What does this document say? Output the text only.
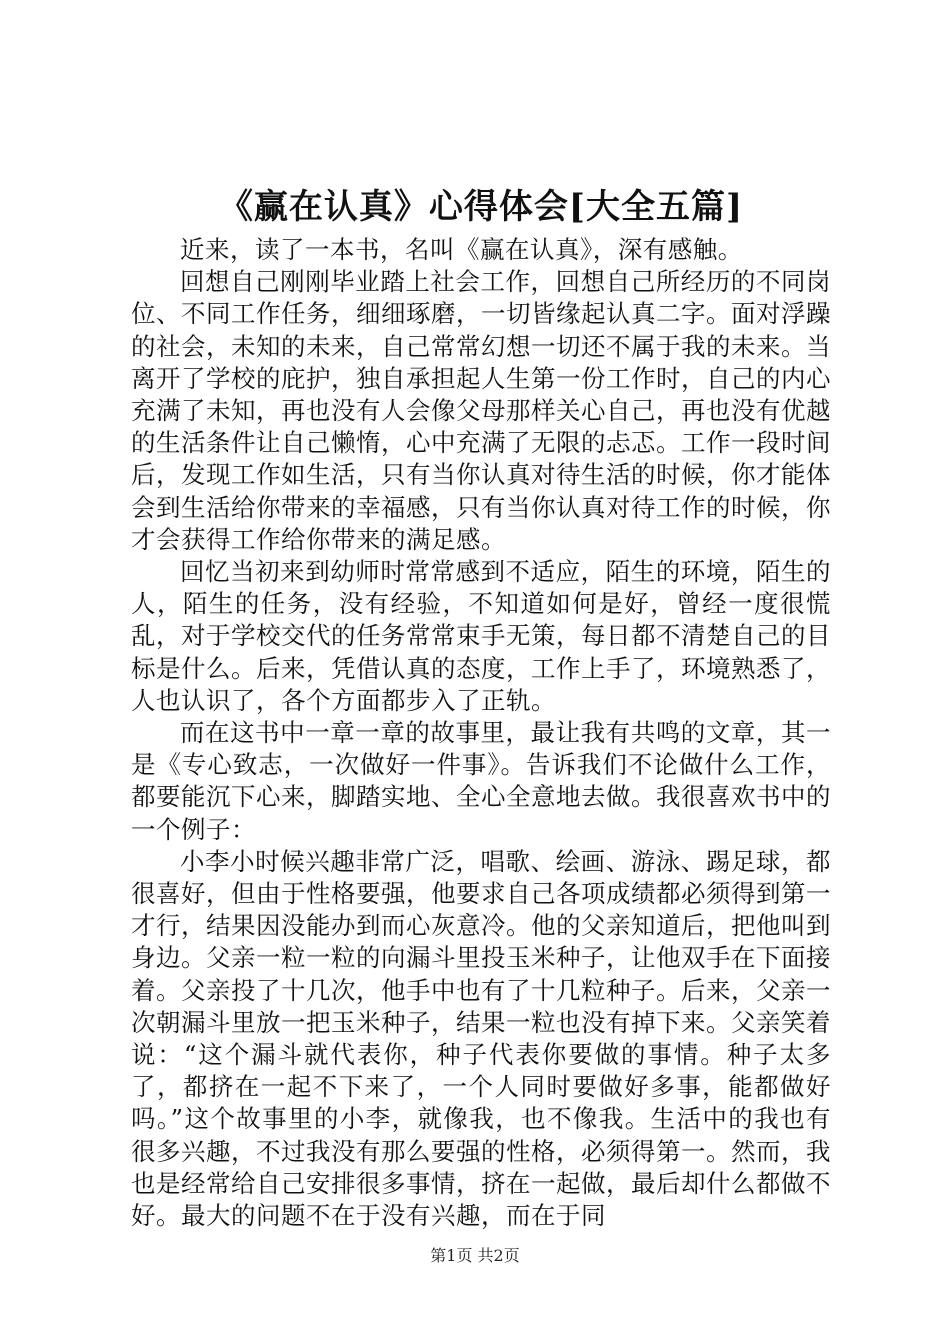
《赢在认真》心得体会[大全五篇]

近来，读了一本书，名叫《赢在认真》，深有感触。

回想自己刚刚毕业踏上社会工作，回想自己所经历的不同岗位、不同工作任务，细细琢磨，一切皆缘起认真二字。面对浮躁的社会，未知的未来，自己常常幻想一切还不属于我的未来。当离开了学校的庇护，独自承担起人生第一份工作时，自己的内心充满了未知，再也没有人会像父母那样关心自己，再也没有优越的生活条件让自己懒惰，心中充满了无限的忐忑。工作一段时间后，发现工作如生活，只有当你认真对待生活的时候，你才能体会到生活给你带来的幸福感，只有当你认真对待工作的时候，你才会获得工作给你带来的满足感。

回忆当初来到幼师时常常感到不适应，陌生的环境，陌生的人，陌生的任务，没有经验，不知道如何是好，曾经一度很慌乱，对于学校交代的任务常常束手无策，每日都不清楚自己的目标是什么。后来，凭借认真的态度，工作上手了，环境熟悉了，人也认识了，各个方面都步入了正轨。

而在这书中一章一章的故事里，最让我有共鸣的文章，其一是《专心致志，一次做好一件事》。告诉我们不论做什么工作，都要能沉下心来，脚踏实地、全心全意地去做。我很喜欢书中的一个例子：

小李小时候兴趣非常广泛，唱歌、绘画、游泳、踢足球，都很喜好，但由于性格要强，他要求自己各项成绩都必须得到第一才行，结果因没能办到而心灰意冷。他的父亲知道后，把他叫到身边。父亲一粒一粒的向漏斗里投玉米种子，让他双手在下面接着。父亲投了十几次，他手中也有了十几粒种子。后来，父亲一次朝漏斗里放一把玉米种子，结果一粒也没有掉下来。父亲笑着说：“这个漏斗就代表你，种子代表你要做的事情。种子太多了，都挤在一起不下来了，一个人同时要做好多事，能都做好吗。”这个故事里的小李，就像我，也不像我。生活中的我也有很多兴趣，不过我没有那么要强的性格，必须得第一。然而，我也是经常给自己安排很多事情，挤在一起做，最后却什么都做不好。最大的问题不在于没有兴趣，而在于同

第1页 共2页
